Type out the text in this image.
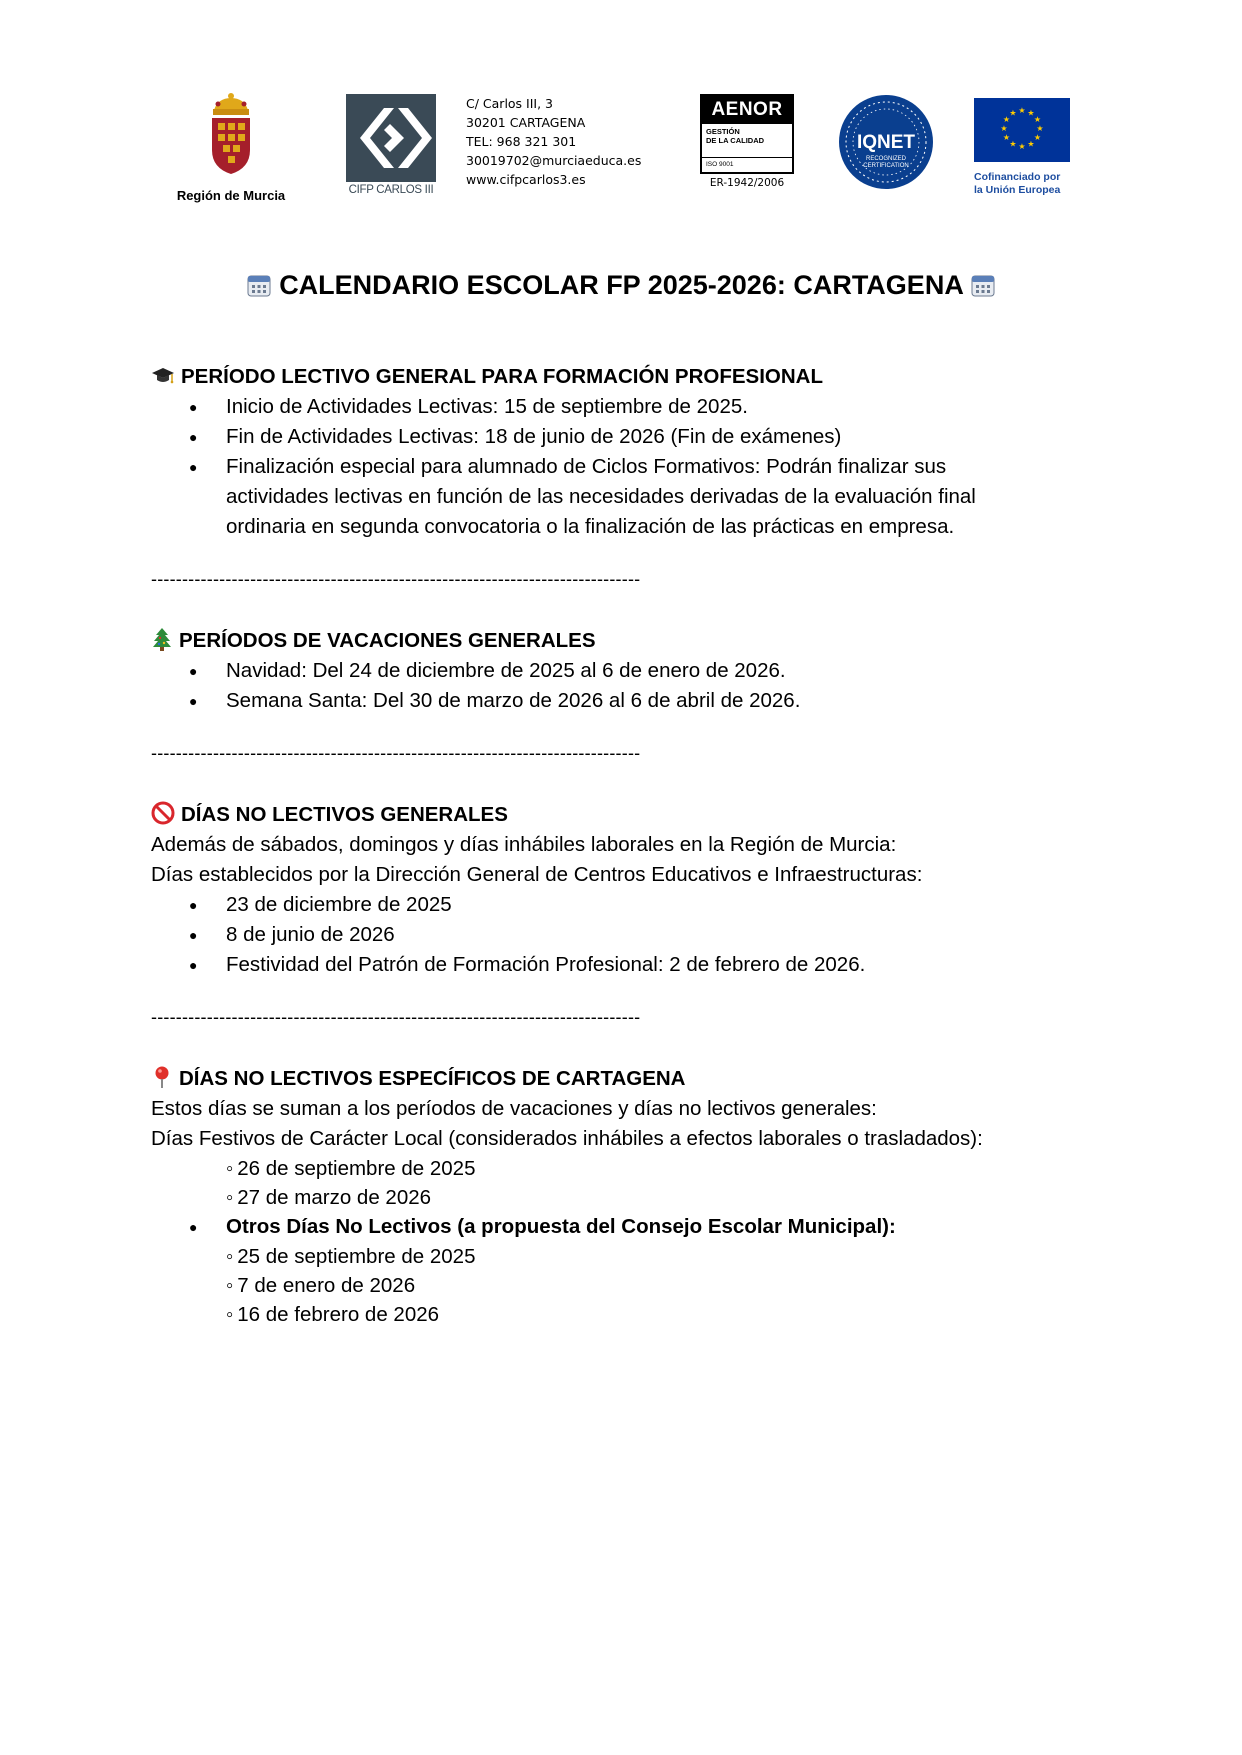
Región de Murcia	CIFP CARLOS III
C/ Carlos III, 3
30201 CARTAGENA
TEL: 968 321 301
30019702@murciaeduca.es
www.cifpcarlos3.es
AENOR
GESTIÓN
DE LA CALIDAD
ISO 9001
ER-1942/2006
IQNET
RECOGNIZED
CERTIFICATION
★ ★
★
★
★
★
★
★
★
★
★
★
Cofinanciado por
la Unión Europea
CALENDARIO ESCOLAR FP 2025-2026: CARTAGENA
PERÍODO LECTIVO GENERAL PARA FORMACIÓN PROFESIONAL
● Inicio de Actividades Lectivas: 15 de septiembre de 2025.
● Fin de Actividades Lectivas: 18 de junio de 2026 (Fin de exámenes)
● Finalización especial para alumnado de Ciclos Formativos: Podrán finalizar sus
actividades lectivas en función de las necesidades derivadas de la evaluación final
ordinaria en segunda convocatoria o la finalización de las prácticas en empresa.
-------------------------------------------------------------------------------
PERÍODOS DE VACACIONES GENERALES
● Navidad: Del 24 de diciembre de 2025 al 6 de enero de 2026.
● Semana Santa: Del 30 de marzo de 2026 al 6 de abril de 2026.
-------------------------------------------------------------------------------
DÍAS NO LECTIVOS GENERALES
Además de sábados, domingos y días inhábiles laborales en la Región de Murcia:
Días establecidos por la Dirección General de Centros Educativos e Infraestructuras:
● 23 de diciembre de 2025
● 8 de junio de 2026
● Festividad del Patrón de Formación Profesional: 2 de febrero de 2026.
-------------------------------------------------------------------------------
DÍAS NO LECTIVOS ESPECÍFICOS DE CARTAGENA
Estos días se suman a los períodos de vacaciones y días no lectivos generales:
Días Festivos de Carácter Local (considerados inhábiles a efectos laborales o trasladados):
◦ 26 de septiembre de 2025
◦ 27 de marzo de 2026
● Otros Días No Lectivos (a propuesta del Consejo Escolar Municipal):
◦ 25 de septiembre de 2025
◦ 7 de enero de 2026
◦ 16 de febrero de 2026
